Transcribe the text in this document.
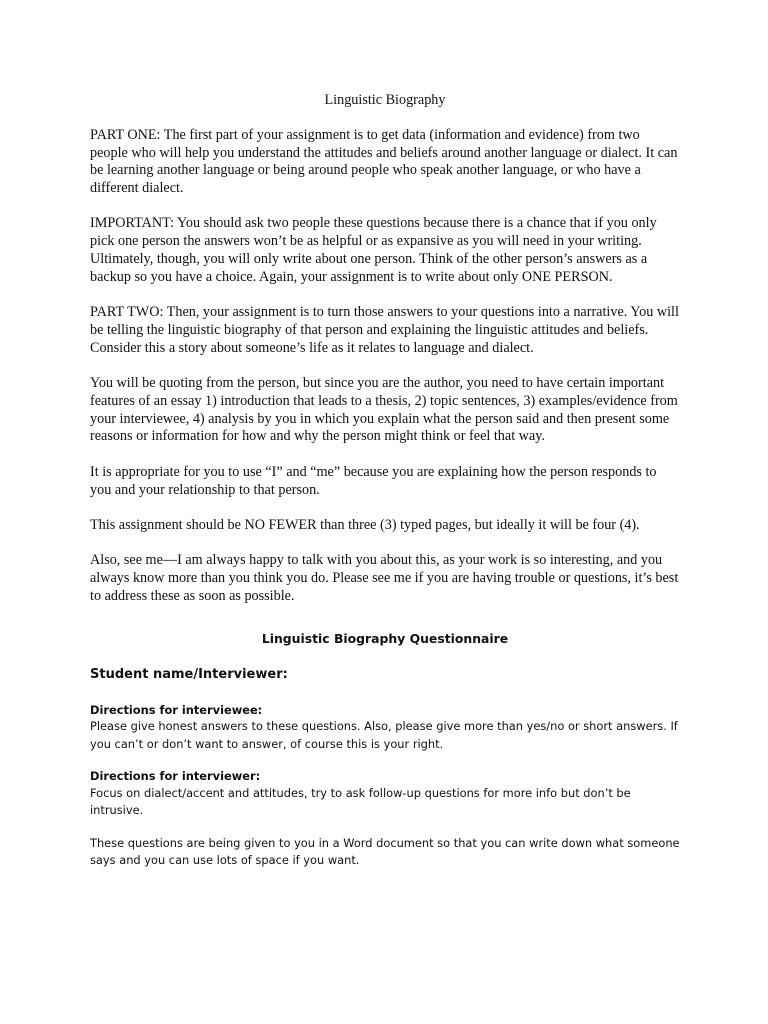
Linguistic Biography

PART ONE: The first part of your assignment is to get data (information and evidence) from two people who will help you understand the attitudes and beliefs around another language or dialect. It can be learning another language or being around people who speak another language, or who have a different dialect.

IMPORTANT: You should ask two people these questions because there is a chance that if you only pick one person the answers won’t be as helpful or as expansive as you will need in your writing. Ultimately, though, you will only write about one person. Think of the other person’s answers as a backup so you have a choice. Again, your assignment is to write about only ONE PERSON.

PART TWO: Then, your assignment is to turn those answers to your questions into a narrative. You will be telling the linguistic biography of that person and explaining the linguistic attitudes and beliefs. Consider this a story about someone’s life as it relates to language and dialect.

You will be quoting from the person, but since you are the author, you need to have certain important features of an essay 1) introduction that leads to a thesis, 2) topic sentences, 3) examples/evidence from your interviewee, 4) analysis by you in which you explain what the person said and then present some reasons or information for how and why the person might think or feel that way.

It is appropriate for you to use “I” and “me” because you are explaining how the person responds to you and your relationship to that person.

This assignment should be NO FEWER than three (3) typed pages, but ideally it will be four (4).

Also, see me—I am always happy to talk with you about this, as your work is so interesting, and you always know more than you think you do. Please see me if you are having trouble or questions, it’s best to address these as soon as possible.

Linguistic Biography Questionnaire
Student name/Interviewer:
Directions for interviewee:

Please give honest answers to these questions. Also, please give more than yes/no or short answers. If you can’t or don’t want to answer, of course this is your right.

Directions for interviewer:

Focus on dialect/accent and attitudes, try to ask follow-up questions for more info but don’t be intrusive.

These questions are being given to you in a Word document so that you can write down what someone says and you can use lots of space if you want.
